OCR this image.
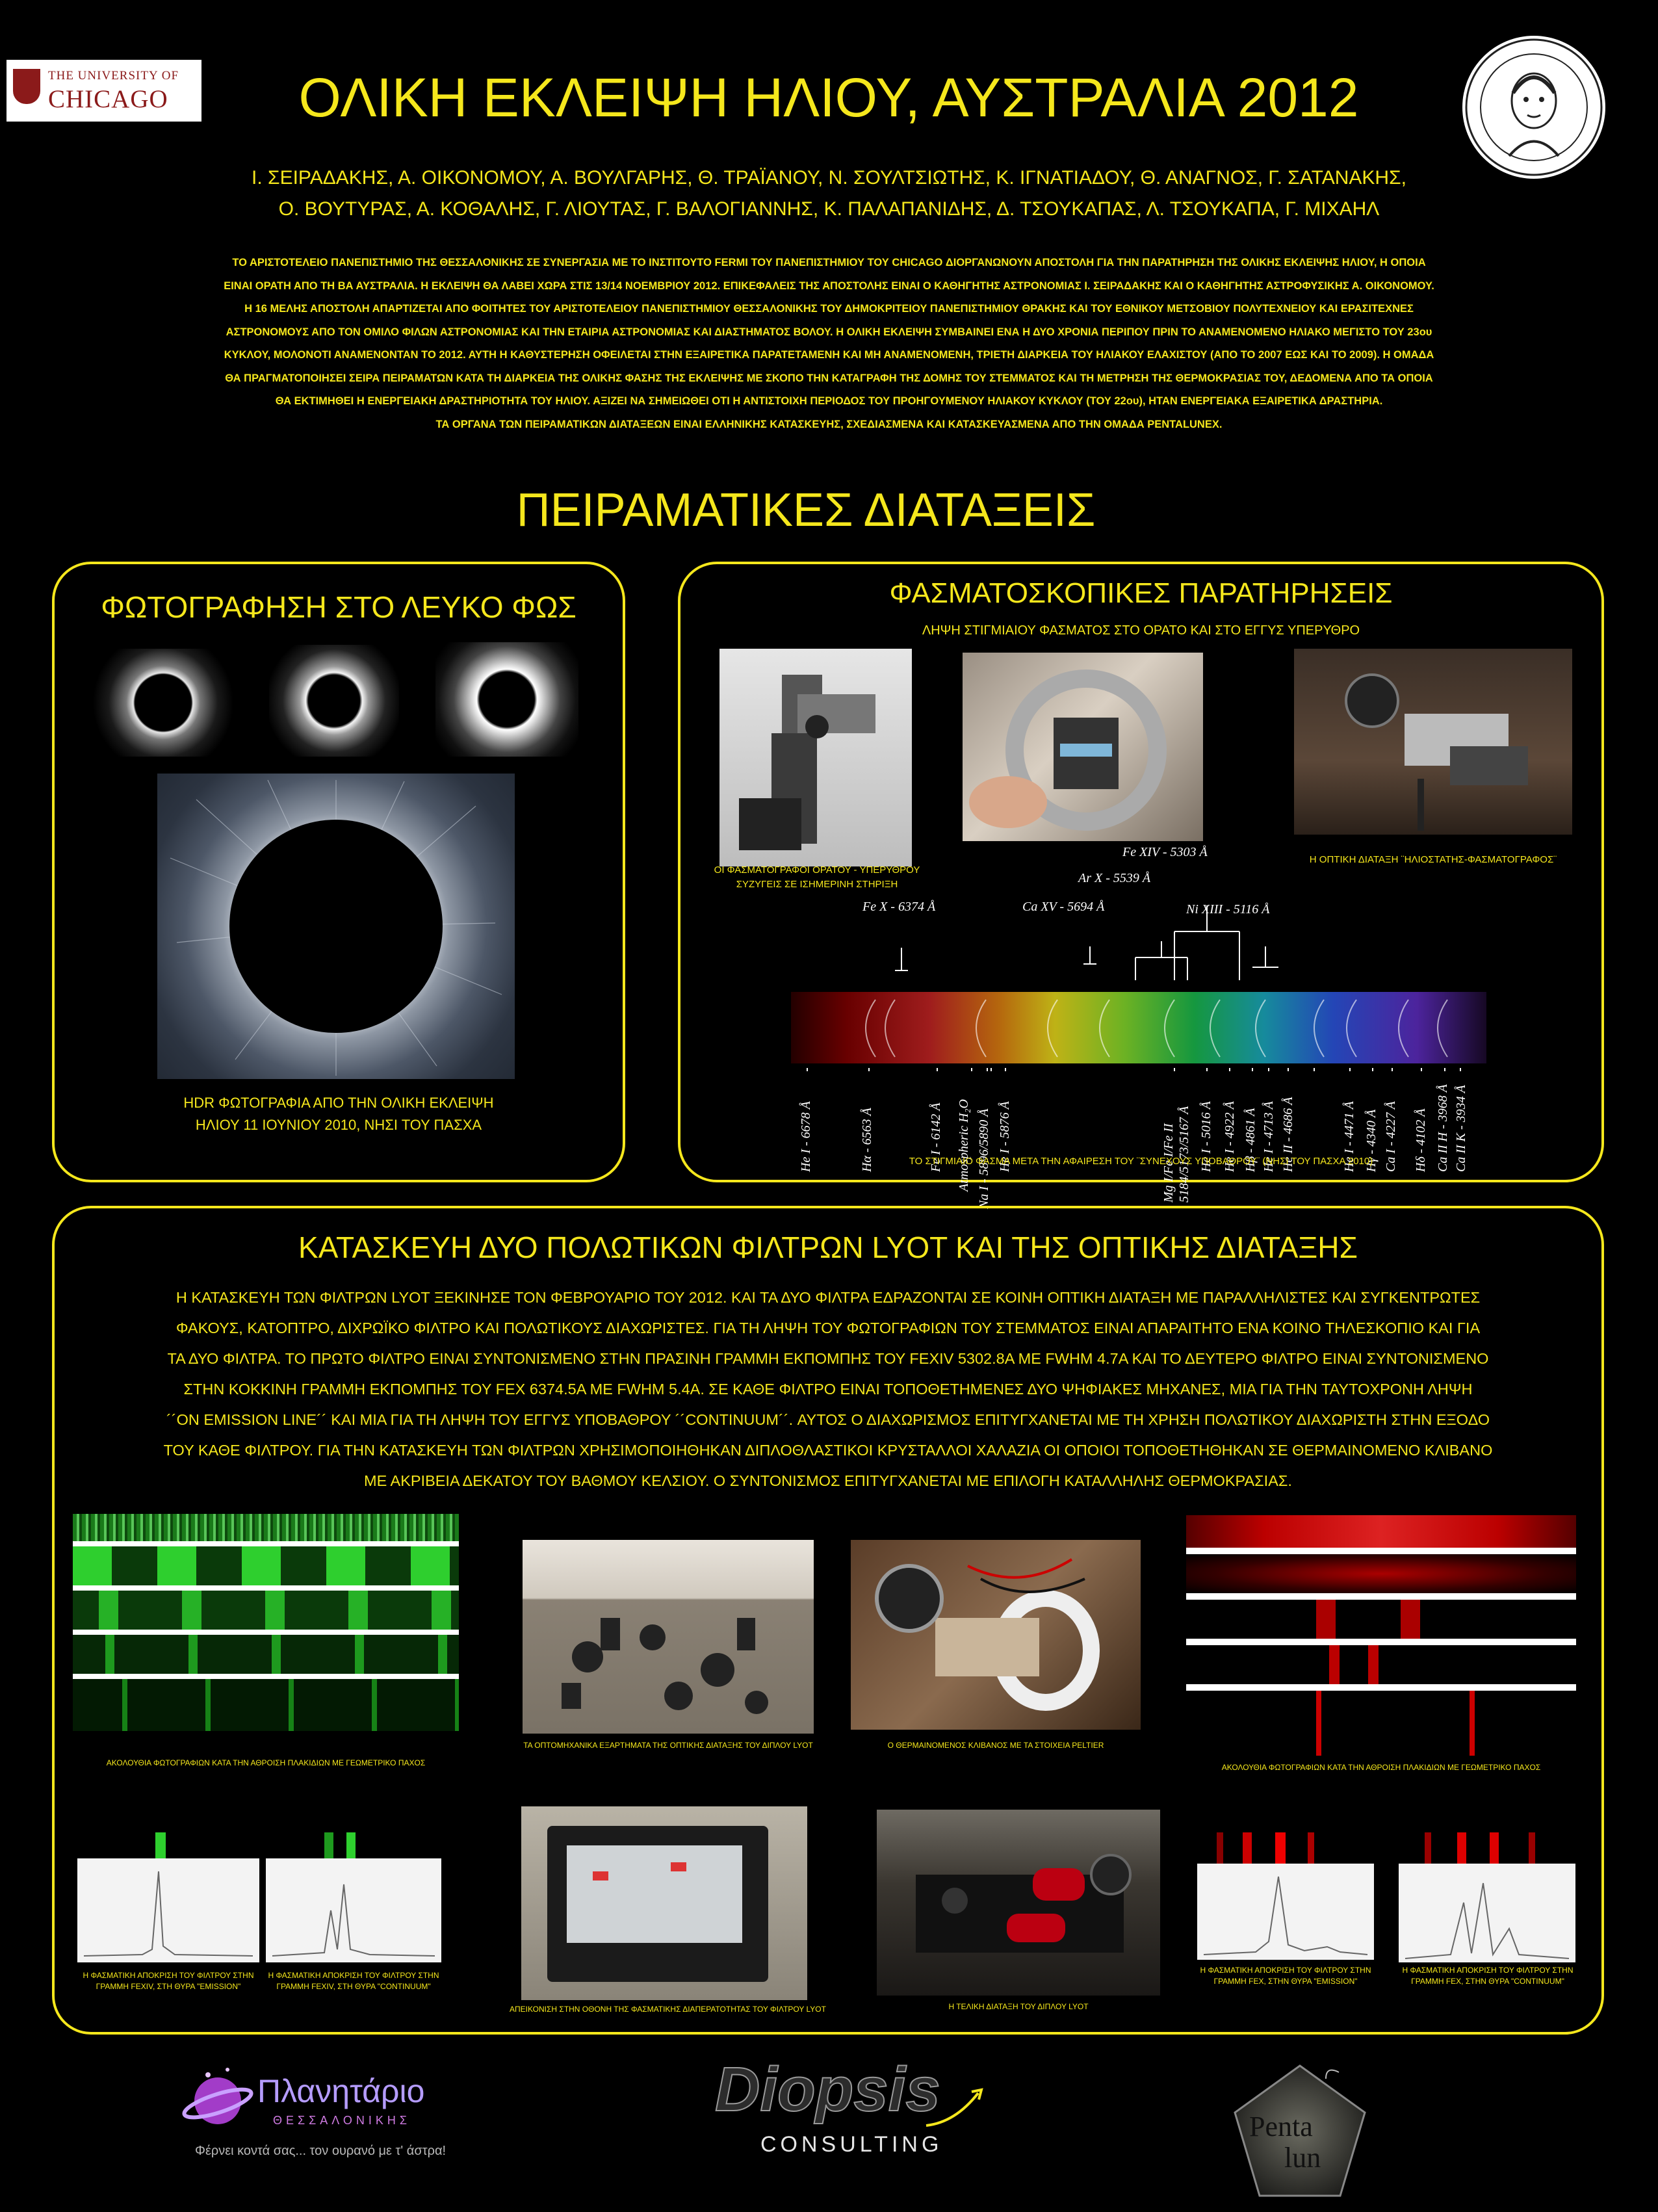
THE UNIVERSITY OF
CHICAGO	ΟΛΙΚΗ ΕΚΛΕΙΨΗ ΗΛΙΟΥ, ΑΥΣΤΡΑΛΙΑ 2012
Ι. ΣΕΙΡΑΔΑΚΗΣ, Α. ΟΙΚΟΝΟΜΟΥ, Α. ΒΟΥΛΓΑΡΗΣ, Θ. ΤΡΑΪΑΝΟΥ, Ν. ΣΟΥΛΤΣΙΩΤΗΣ, Κ. ΙΓΝΑΤΙΑΔΟΥ, Θ. ΑΝΑΓΝΟΣ, Γ. ΣΑΤΑΝΑΚΗΣ,
Ο. ΒΟΥΤΥΡΑΣ, Α. ΚΟΘΑΛΗΣ, Γ. ΛΙΟΥΤΑΣ, Γ. ΒΑΛΟΓΙΑΝΝΗΣ, Κ. ΠΑΛΑΠΑΝΙΔΗΣ, Δ. ΤΣΟΥΚΑΠΑΣ, Λ. ΤΣΟΥΚΑΠΑ, Γ. ΜΙΧΑΗΛ
ΤΟ ΑΡΙΣΤΟΤΕΛΕΙΟ ΠΑΝΕΠΙΣΤΗΜΙΟ ΤΗΣ ΘΕΣΣΑΛΟΝΙΚΗΣ ΣΕ ΣΥΝΕΡΓΑΣΙΑ ΜΕ ΤΟ ΙΝΣΤΙΤΟΥΤΟ FERMI ΤΟΥ ΠΑΝΕΠΙΣΤΗΜΙΟΥ ΤΟΥ CHICAGO ΔΙΟΡΓΑΝΩΝΟΥΝ ΑΠΟΣΤΟΛΗ ΓΙΑ ΤΗΝ ΠΑΡΑΤΗΡΗΣΗ ΤΗΣ ΟΛΙΚΗΣ ΕΚΛΕΙΨΗΣ ΗΛΙΟΥ, Η ΟΠΟΙΑ
ΕΙΝΑΙ ΟΡΑΤΗ ΑΠΟ ΤΗ ΒΑ ΑΥΣΤΡΑΛΙΑ. Η ΕΚΛΕΙΨΗ ΘΑ ΛΑΒΕΙ ΧΩΡΑ ΣΤΙΣ 13/14 ΝΟΕΜΒΡΙΟΥ 2012. ΕΠΙΚΕΦΑΛΕΙΣ ΤΗΣ ΑΠΟΣΤΟΛΗΣ ΕΙΝΑΙ Ο ΚΑΘΗΓΗΤΗΣ ΑΣΤΡΟΝΟΜΙΑΣ Ι. ΣΕΙΡΑΔΑΚΗΣ ΚΑΙ Ο ΚΑΘΗΓΗΤΗΣ ΑΣΤΡΟΦΥΣΙΚΗΣ Α. ΟΙΚΟΝΟΜΟΥ.
Η 16 ΜΕΛΗΣ ΑΠΟΣΤΟΛΗ ΑΠΑΡΤΙΖΕΤΑΙ ΑΠΟ ΦΟΙΤΗΤΕΣ ΤΟΥ ΑΡΙΣΤΟΤΕΛΕΙΟΥ ΠΑΝΕΠΙΣΤΗΜΙΟΥ ΘΕΣΣΑΛΟΝΙΚΗΣ ΤΟΥ ΔΗΜΟΚΡΙΤΕΙΟΥ ΠΑΝΕΠΙΣΤΗΜΙΟΥ ΘΡΑΚΗΣ ΚΑΙ ΤΟΥ ΕΘΝΙΚΟΥ ΜΕΤΣΟΒΙΟΥ ΠΟΛΥΤΕΧΝΕΙΟΥ ΚΑΙ ΕΡΑΣΙΤΕΧΝΕΣ
ΑΣΤΡΟΝΟΜΟΥΣ ΑΠΟ ΤΟΝ ΟΜΙΛΟ ΦΙΛΩΝ ΑΣΤΡΟΝΟΜΙΑΣ ΚΑΙ ΤΗΝ ΕΤΑΙΡΙΑ ΑΣΤΡΟΝΟΜΙΑΣ ΚΑΙ ΔΙΑΣΤΗΜΑΤΟΣ ΒΟΛΟΥ. Η ΟΛΙΚΗ ΕΚΛΕΙΨΗ ΣΥΜΒΑΙΝΕΙ ΕΝΑ Η ΔΥΟ ΧΡΟΝΙΑ ΠΕΡΙΠΟΥ ΠΡΙΝ ΤΟ ΑΝΑΜΕΝΟΜΕΝΟ ΗΛΙΑΚΟ ΜΕΓΙΣΤΟ ΤΟΥ 23ου
ΚΥΚΛΟΥ, ΜΟΛΟΝΟΤΙ ΑΝΑΜΕΝΟΝΤΑΝ ΤΟ 2012. ΑΥΤΗ Η ΚΑΘΥΣΤΕΡΗΣΗ ΟΦΕΙΛΕΤΑΙ ΣΤΗΝ ΕΞΑΙΡΕΤΙΚΑ ΠΑΡΑΤΕΤΑΜΕΝΗ ΚΑΙ ΜΗ ΑΝΑΜΕΝΟΜΕΝΗ, ΤΡΙΕΤΗ ΔΙΑΡΚΕΙΑ ΤΟΥ ΗΛΙΑΚΟΥ ΕΛΑΧΙΣΤΟΥ (ΑΠΟ ΤΟ 2007 ΕΩΣ ΚΑΙ ΤΟ 2009). Η ΟΜΑΔΑ
ΘΑ ΠΡΑΓΜΑΤΟΠΟΙΗΣΕΙ ΣΕΙΡΑ ΠΕΙΡΑΜΑΤΩΝ ΚΑΤΑ ΤΗ ΔΙΑΡΚΕΙΑ ΤΗΣ ΟΛΙΚΗΣ ΦΑΣΗΣ ΤΗΣ ΕΚΛΕΙΨΗΣ ΜΕ ΣΚΟΠΟ ΤΗΝ ΚΑΤΑΓΡΑΦΗ ΤΗΣ ΔΟΜΗΣ ΤΟΥ ΣΤΕΜΜΑΤΟΣ ΚΑΙ ΤΗ ΜΕΤΡΗΣΗ ΤΗΣ ΘΕΡΜΟΚΡΑΣΙΑΣ ΤΟΥ, ΔΕΔΟΜΕΝΑ ΑΠΟ ΤΑ ΟΠΟΙΑ
ΘΑ ΕΚΤΙΜΗΘΕΙ Η ΕΝΕΡΓΕΙΑΚΗ ΔΡΑΣΤΗΡΙΟΤΗΤΑ ΤΟΥ ΗΛΙΟΥ. ΑΞΙΖΕΙ ΝΑ ΣΗΜΕΙΩΘΕΙ ΟΤΙ Η ΑΝΤΙΣΤΟΙΧΗ ΠΕΡΙΟΔΟΣ ΤΟΥ ΠΡΟΗΓΟΥΜΕΝΟΥ ΗΛΙΑΚΟΥ ΚΥΚΛΟΥ (ΤΟΥ 22ου), ΗΤΑΝ ΕΝΕΡΓΕΙΑΚΑ ΕΞΑΙΡΕΤΙΚΑ ΔΡΑΣΤΗΡΙΑ.
ΤΑ ΟΡΓΑΝΑ ΤΩΝ ΠΕΙΡΑΜΑΤΙΚΩΝ ΔΙΑΤΑΞΕΩΝ ΕΙΝΑΙ ΕΛΛΗΝΙΚΗΣ ΚΑΤΑΣΚΕΥΗΣ, ΣΧΕΔΙΑΣΜΕΝΑ ΚΑΙ ΚΑΤΑΣΚΕΥΑΣΜΕΝΑ ΑΠΟ ΤΗΝ ΟΜΑΔΑ PENTALUNEX.
ΠΕΙΡΑΜΑΤΙΚΕΣ ΔΙΑΤΑΞΕΙΣ
ΦΩΤΟΓΡΑΦΗΣΗ ΣΤΟ ΛΕΥΚΟ ΦΩΣ
HDR ΦΩΤΟΓΡΑΦΙΑ ΑΠΟ ΤΗΝ ΟΛΙΚΗ ΕΚΛΕΙΨΗ
ΗΛΙΟΥ 11 ΙΟΥΝΙΟΥ 2010, ΝΗΣΙ ΤΟΥ ΠΑΣΧΑ
ΦΑΣΜΑΤΟΣΚΟΠΙΚΕΣ ΠΑΡΑΤΗΡΗΣΕΙΣ
ΛΗΨΗ ΣΤΙΓΜΙΑΙΟΥ ΦΑΣΜΑΤΟΣ ΣΤΟ ΟΡΑΤΟ ΚΑΙ ΣΤΟ ΕΓΓΥΣ ΥΠΕΡΥΘΡΟ
ΟΙ ΦΑΣΜΑΤΟΓΡΑΦΟΙ ΟΡΑΤΟΥ - ΥΠΕΡΥΘΡΟΥ
ΣΥΖΥΓΕΙΣ ΣΕ ΙΣΗΜΕΡΙΝΗ ΣΤΗΡΙΞΗ
Η ΟΠΤΙΚΗ ΔΙΑΤΑΞΗ ¨ΗΛΙΟΣΤΑΤΗΣ-ΦΑΣΜΑΤΟΓΡΑΦΟΣ¨
Fe XIV - 5303 Å
Ar X - 5539 Å
Fe X - 6374 Å	Ca XV - 5694 Å	Ni XIII - 5116 Å
He I - 6678 Å	Hα - 6563 Å	Fe I - 6142 Å Atmospheric H₂O Na I - 5896/5890 Å He I - 5876 Å	Mg I/Fe I/Fe II 5184/5173/5167 Å He I - 5016 Å He I - 4922 Å Hβ - 4861 Å He I - 4713 Å He II - 4686 Å	He I - 4471 Å Hγ - 4340 Å Ca I - 4227 Å Hδ - 4102 Å Ca II H - 3968 Å Ca II K - 3934 Å
ΤΟ ΣΤΙΓΜΙΑΙΟ ΦΑΣΜΑ ΜΕΤΑ ΤΗΝ ΑΦΑΙΡΕΣΗ ΤΟΥ ¨ΣΥΝΕΧΟΥΣ ΥΠΟΒΑΘΡΟΥ¨ (ΝΗΣΙ ΤΟΥ ΠΑΣΧΑ 2010)
ΚΑΤΑΣΚΕΥΗ ΔΥΟ ΠΟΛΩΤΙΚΩΝ ΦΙΛΤΡΩΝ LYOT ΚΑΙ ΤΗΣ ΟΠΤΙΚΗΣ ΔΙΑΤΑΞΗΣ
Η ΚΑΤΑΣΚΕΥΗ ΤΩΝ ΦΙΛΤΡΩΝ LYOT ΞΕΚΙΝΗΣΕ ΤΟΝ ΦΕΒΡΟΥΑΡΙΟ ΤΟΥ 2012. ΚΑΙ ΤΑ ΔΥΟ ΦΙΛΤΡΑ ΕΔΡΑΖΟΝΤΑΙ ΣΕ ΚΟΙΝΗ ΟΠΤΙΚΗ ΔΙΑΤΑΞΗ ΜΕ ΠΑΡΑΛΛΗΛΙΣΤΕΣ ΚΑΙ ΣΥΓΚΕΝΤΡΩΤΕΣ
ΦΑΚΟΥΣ, ΚΑΤΟΠΤΡΟ, ΔΙΧΡΩΪΚΟ ΦΙΛΤΡΟ ΚΑΙ ΠΟΛΩΤΙΚΟΥΣ ΔΙΑΧΩΡΙΣΤΕΣ. ΓΙΑ ΤΗ ΛΗΨΗ ΤΟΥ ΦΩΤΟΓΡΑΦΙΩΝ ΤΟΥ ΣΤΕΜΜΑΤΟΣ ΕΙΝΑΙ ΑΠΑΡΑΙΤΗΤΟ ΕΝΑ ΚΟΙΝΟ ΤΗΛΕΣΚΟΠΙΟ ΚΑΙ ΓΙΑ
ΤΑ ΔΥΟ ΦΙΛΤΡΑ. ΤΟ ΠΡΩΤΟ ΦΙΛΤΡΟ ΕΙΝΑΙ ΣΥΝΤΟΝΙΣΜΕΝΟ ΣΤΗΝ ΠΡΑΣΙΝΗ ΓΡΑΜΜΗ ΕΚΠΟΜΠΗΣ ΤΟΥ FEXIV 5302.8A ΜΕ FWHM 4.7A ΚΑΙ ΤΟ ΔΕΥΤΕΡΟ ΦΙΛΤΡΟ ΕΙΝΑΙ ΣΥΝΤΟΝΙΣΜΕΝΟ
ΣΤΗΝ ΚΟΚΚΙΝΗ ΓΡΑΜΜΗ ΕΚΠΟΜΠΗΣ ΤΟΥ FEX 6374.5A ΜΕ FWHM 5.4A. ΣΕ ΚΑΘΕ ΦΙΛΤΡΟ ΕΙΝΑΙ ΤΟΠΟΘΕΤΗΜΕΝΕΣ ΔΥΟ ΨΗΦΙΑΚΕΣ ΜΗΧΑΝΕΣ, ΜΙΑ ΓΙΑ ΤΗΝ ΤΑΥΤΟΧΡΟΝΗ ΛΗΨΗ
´´ON EMISSION LINE´´ ΚΑΙ ΜΙΑ ΓΙΑ ΤΗ ΛΗΨΗ ΤΟΥ ΕΓΓΥΣ ΥΠΟΒΑΘΡΟΥ ´´CONTINUUM´´. ΑΥΤΟΣ Ο ΔΙΑΧΩΡΙΣΜΟΣ ΕΠΙΤΥΓΧΑΝΕΤΑΙ ΜΕ ΤΗ ΧΡΗΣΗ ΠΟΛΩΤΙΚΟΥ ΔΙΑΧΩΡΙΣΤΗ ΣΤΗΝ ΕΞΟΔΟ
ΤΟΥ ΚΑΘΕ ΦΙΛΤΡΟΥ. ΓΙΑ ΤΗΝ ΚΑΤΑΣΚΕΥΗ ΤΩΝ ΦΙΛΤΡΩΝ ΧΡΗΣΙΜΟΠΟΙΗΘΗΚΑΝ ΔΙΠΛΟΘΛΑΣΤΙΚΟΙ ΚΡΥΣΤΑΛΛΟΙ ΧΑΛΑΖΙΑ ΟΙ ΟΠΟΙΟΙ ΤΟΠΟΘΕΤΗΘΗΚΑΝ ΣΕ ΘΕΡΜΑΙΝΟΜΕΝΟ ΚΛΙΒΑΝΟ
ΜΕ ΑΚΡΙΒΕΙΑ ΔΕΚΑΤΟΥ ΤΟΥ ΒΑΘΜΟΥ ΚΕΛΣΙΟΥ. Ο ΣΥΝΤΟΝΙΣΜΟΣ ΕΠΙΤΥΓΧΑΝΕΤΑΙ ΜΕ ΕΠΙΛΟΓΗ ΚΑΤΑΛΛΗΛΗΣ ΘΕΡΜΟΚΡΑΣΙΑΣ.
ΑΚΟΛΟΥΘΙΑ ΦΩΤΟΓΡΑΦΙΩΝ ΚΑΤΑ ΤΗΝ ΑΘΡΟΙΣΗ ΠΛΑΚΙΔΙΩΝ ΜΕ ΓΕΩΜΕΤΡΙΚΟ ΠΑΧΟΣ
ΤΑ ΟΠΤΟΜΗΧΑΝΙΚΑ ΕΞΑΡΤΗΜΑΤΑ ΤΗΣ ΟΠΤΙΚΗΣ ΔΙΑΤΑΞΗΣ ΤΟΥ ΔΙΠΛΟΥ LYOT	Ο ΘΕΡΜΑΙΝΟΜΕΝΟΣ ΚΛΙΒΑΝΟΣ ΜΕ ΤΑ ΣΤΟΙΧΕΙΑ PELTIER
ΑΚΟΛΟΥΘΙΑ ΦΩΤΟΓΡΑΦΙΩΝ ΚΑΤΑ ΤΗΝ ΑΘΡΟΙΣΗ ΠΛΑΚΙΔΙΩΝ ΜΕ ΓΕΩΜΕΤΡΙΚΟ ΠΑΧΟΣ
Η ΦΑΣΜΑΤΙΚΗ ΑΠΟΚΡΙΣΗ ΤΟΥ ΦΙΛΤΡΟΥ ΣΤΗΝ
ΓΡΑΜΜΗ FEXIV, ΣΤΗ ΘΥΡΑ "EMISSION"
Η ΦΑΣΜΑΤΙΚΗ ΑΠΟΚΡΙΣΗ ΤΟΥ ΦΙΛΤΡΟΥ ΣΤΗΝ
ΓΡΑΜΜΗ FEXIV, ΣΤΗ ΘΥΡΑ "CONTINUUM"
ΑΠΕΙΚΟΝΙΣΗ ΣΤΗΝ ΟΘΟΝΗ ΤΗΣ ΦΑΣΜΑΤΙΚΗΣ ΔΙΑΠΕΡΑΤΟΤΗΤΑΣ ΤΟΥ ΦΙΛΤΡΟΥ LYOT	Η ΤΕΛΙΚΗ ΔΙΑΤΑΞΗ ΤΟΥ ΔΙΠΛΟΥ LYOT
Η ΦΑΣΜΑΤΙΚΗ ΑΠΟΚΡΙΣΗ ΤΟΥ ΦΙΛΤΡΟΥ ΣΤΗΝ
ΓΡΑΜΜΗ FEX, ΣΤΗΝ ΘΥΡΑ "EMISSION"
Η ΦΑΣΜΑΤΙΚΗ ΑΠΟΚΡΙΣΗ ΤΟΥ ΦΙΛΤΡΟΥ ΣΤΗΝ
ΓΡΑΜΜΗ FEX, ΣΤΗΝ ΘΥΡΑ "CONTINUUM"
Πλανητάριο
ΘΕΣΣΑΛΟΝΙΚΗΣ
Φέρνει κοντά σας... τον ουρανό με τ' άστρα!
Diopsis
CONSULTING
Penta
lun
